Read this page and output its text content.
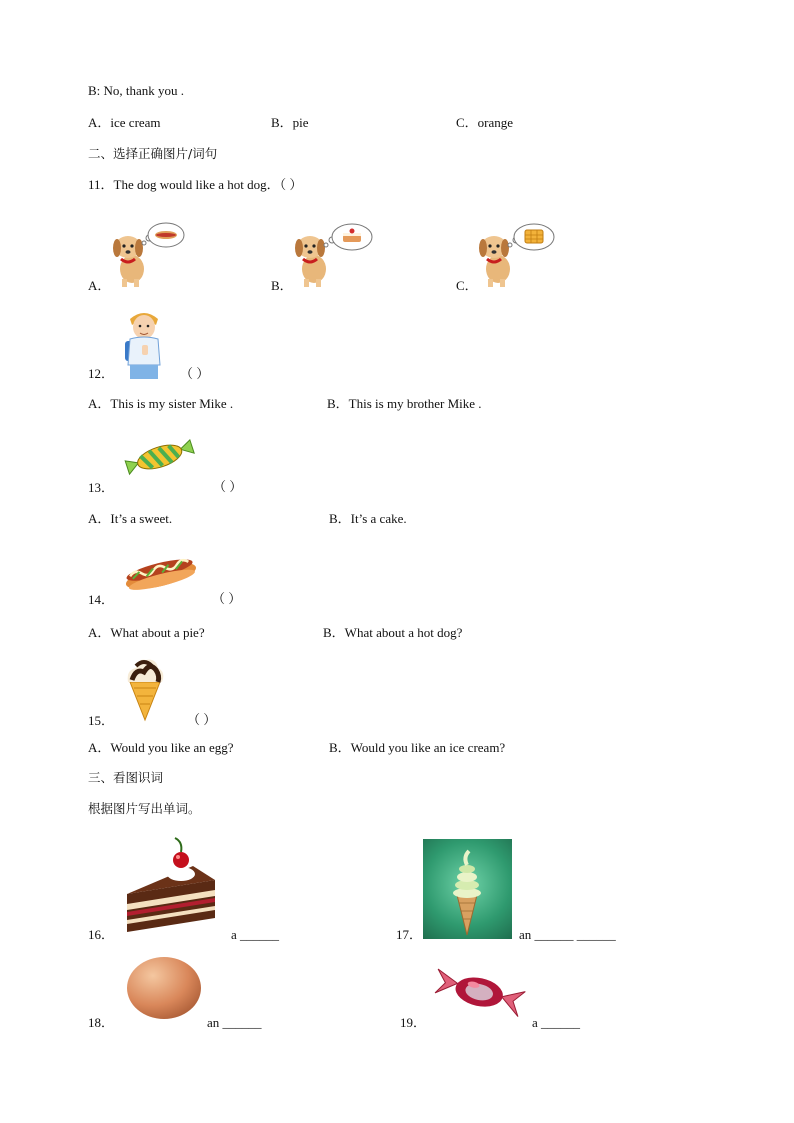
B: No, thank you .
A．ice cream	B．pie	C．orange
二、选择正确图片/词句
11．The dog would like a hot dog．（ ）
A．	B．	C．
12．	（ ）
A．This is my sister Mike .	B．This is my brother Mike .
13．	（ ）
A．It’s a sweet.	B．It’s a cake.
14．	（ ）
A．What about a pie?	B．What about a hot dog?
15．	（ ）
A．Would you like an egg?	B．Would you like an ice cream?
三、看图识词
根据图片写出单词。
16．	a ______	17．	an ______ ______
18．	an ______	19．	a ______
